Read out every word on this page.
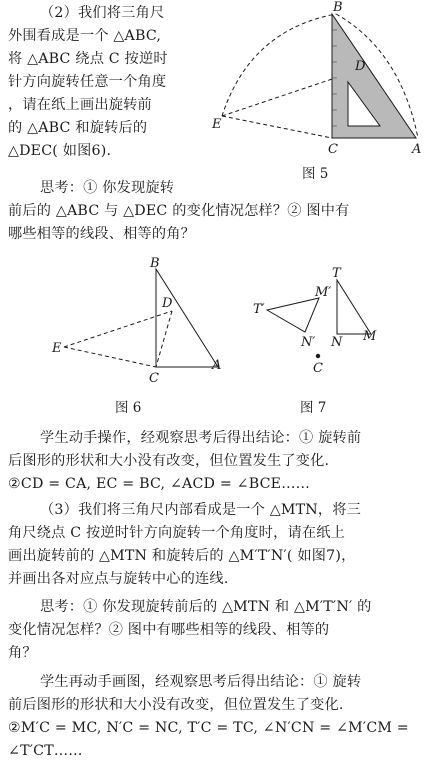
（2）我们将三角尺
外围看成是一个 △ABC,
将 △ABC 绕点 C 按逆时
针方向旋转任意一个角度
，请在纸上画出旋转前
的 △ABC 和旋转后的
△DEC( 如图6).
B
D
E
C	A
图 5
思考：① 你发现旋转
前后的 △ABC 与 △DEC 的变化情况怎样？② 图中有
哪些相等的线段、相等的角？
B
D
E
C
A
图 6
T
M
N
T′
M′
N′
C
图 7
学生动手操作，经观察思考后得出结论：① 旋转前
后图形的形状和大小没有改变，但位置发生了变化.
②CD = CA, EC = BC, ∠ACD = ∠BCE……
（3）我们将三角尺内部看成是一个 △MTN，将三
角尺绕点 C 按逆时针方向旋转一个角度时，请在纸上
画出旋转前的 △MTN 和旋转后的 △M′T′N′( 如图7)，
并画出各对应点与旋转中心的连线.
思考：① 你发现旋转前后的 △MTN 和 △M′T′N′ 的
变化情况怎样？② 图中有哪些相等的线段、相等的
角？
学生再动手画图，经观察思考后得出结论：① 旋转
前后图形的形状和大小没有改变，但位置发生了变化.
②M′C = MC, N′C = NC, T′C = TC, ∠N′CN = ∠M′CM =
∠T′CT……
